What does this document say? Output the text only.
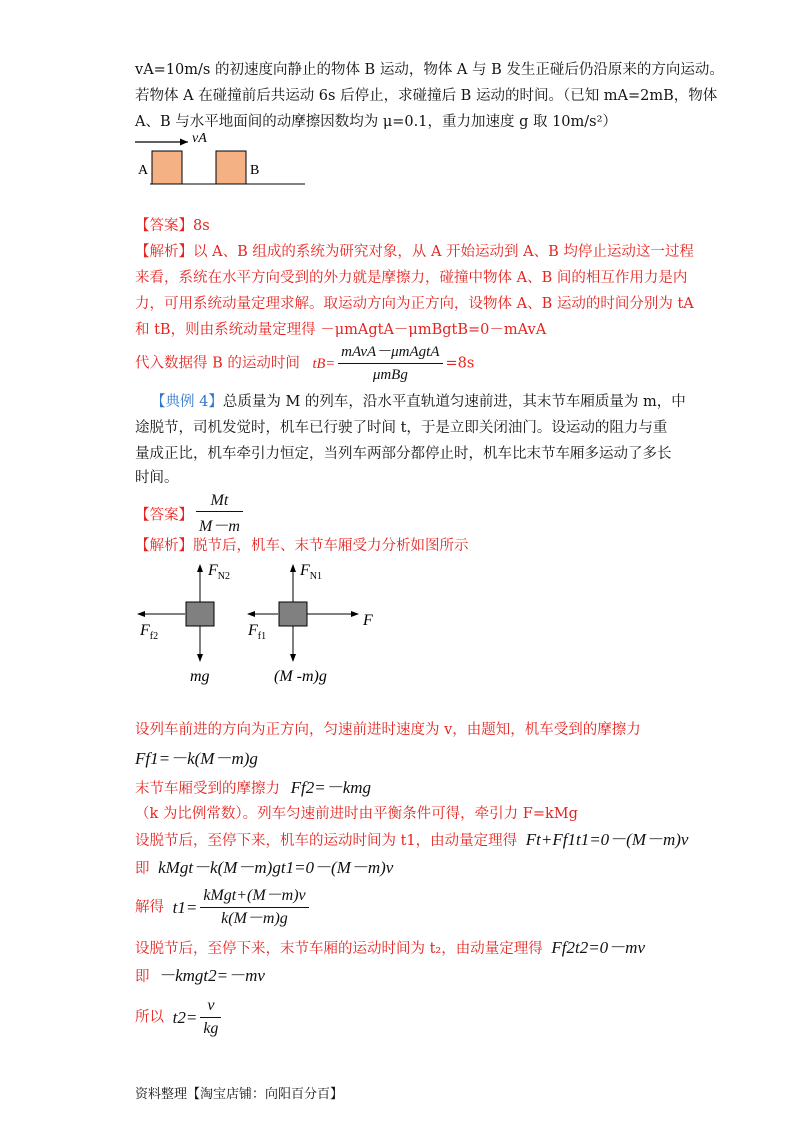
vA=10m/s 的初速度向静止的物体 B 运动，物体 A 与 B 发生正碰后仍沿原来的方向运动。
若物体 A 在碰撞前后共运动 6s 后停止，求碰撞后 B 运动的时间。（已知 mA=2mB，物体
A、B 与水平地面间的动摩擦因数均为 μ=0.1，重力加速度 g 取 10m/s²）
vA
A	B
【答案】8s
【解析】以 A、B 组成的系统为研究对象，从 A 开始运动到 A、B 均停止运动这一过程
来看，系统在水平方向受到的外力就是摩擦力，碰撞中物体 A、B 间的相互作用力是内
力，可用系统动量定理求解。取运动方向为正方向，设物体 A、B 运动的时间分别为 tA
和 tB，则由系统动量定理得 －μmAgtA－μmBgtB=0－mAvA
代入数据得 B 的运动时间 $tB= \frac{\text{mAvA－μmAgtA}}{\text{μmBg}} =8s$
【典例 4】总质量为 M 的列车，沿水平直轨道匀速前进，其末节车厢质量为 m，中
途脱节，司机发觉时，机车已行驶了时间 t，于是立即关闭油门。设运动的阻力与重
量成正比，机车牵引力恒定，当列车两部分都停止时，机车比末节车厢多运动了多长
时间。
【答案】 $\frac{Mt}{M-m}$
【解析】脱节后，机车、末节车厢受力分析如图所示
$F_{N2}$
$F_{f2}$
mg
$F_{N1}$
$F_{f1}$
F
(M -m)g
设列车前进的方向为正方向，匀速前进时速度为 v，由题知，机车受到的摩擦力
Ff1=－k(M－m)g
末节车厢受到的摩擦力 Ff2=－kmg
（k 为比例常数）。列车匀速前进时由平衡条件可得，牵引力 F=kMg
设脱节后，至停下来，机车的运动时间为 t1，由动量定理得 Ft+Ff1t1=0－(M－m)v
即 kMgt－k(M－m)gt1=0－(M－m)v
解得 $t1= \frac{\text{kMgt+(M－m)v}}{k(M-m)g}$
设脱节后，至停下来，末节车厢的运动时间为 t₂，由动量定理得 Ff2t2=0－mv
即 －kmgt2=－mv
所以 $t2= \frac{v}{kg}$
资料整理【淘宝店铺：向阳百分百】
